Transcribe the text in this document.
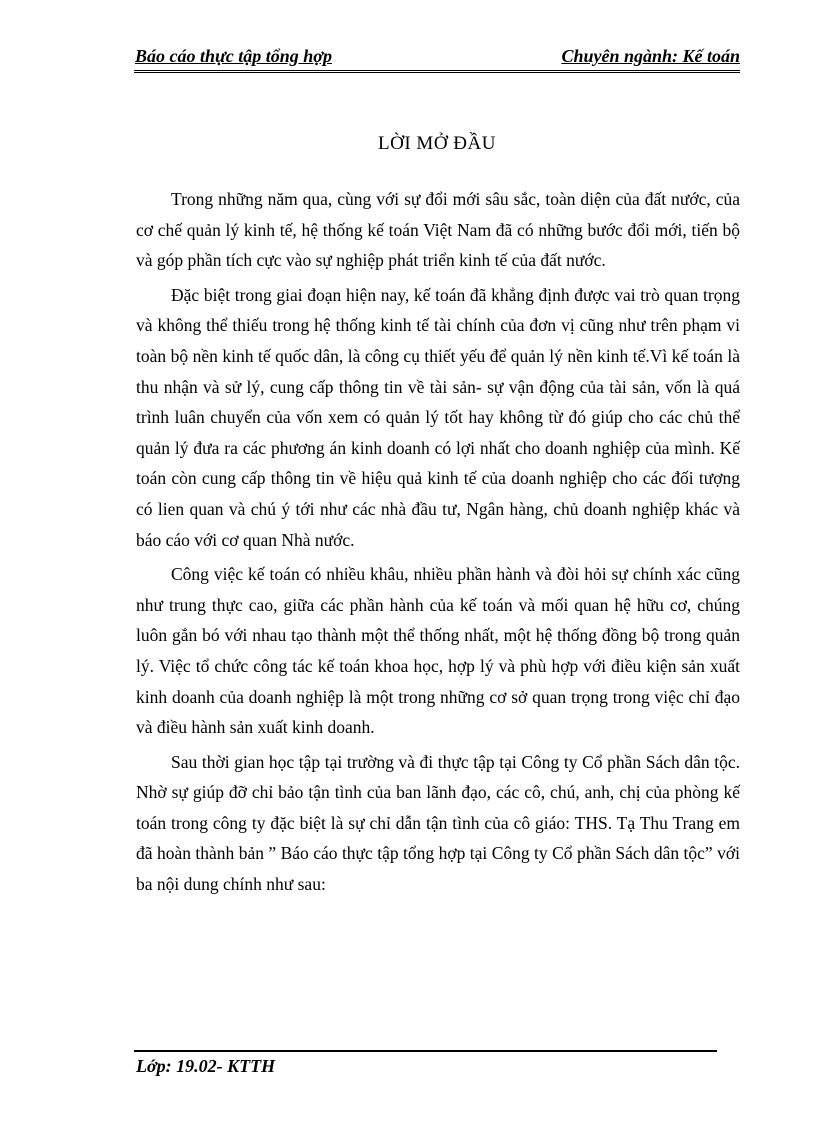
Báo cáo thực tập tổng hợp	Chuyên ngành: Kế toán
LỜI MỞ ĐẦU

Trong những năm qua, cùng với sự đổi mới sâu sắc, toàn diện của đất nước, của cơ chế quản lý kinh tế, hệ thống kế toán Việt Nam đã có những bước đổi mới, tiến bộ và góp phần tích cực vào sự nghiệp phát triển kinh tế của đất nước.

Đặc biệt trong giai đoạn hiện nay, kế toán đã khẳng định được vai trò quan trọng và không thể thiếu trong hệ thống kinh tế tài chính của đơn vị cũng như trên phạm vi toàn bộ nền kinh tế quốc dân, là công cụ thiết yếu để quản lý nền kinh tế.Vì kế toán là thu nhận và sử lý, cung cấp thông tin về tài sản- sự vận động của tài sản, vốn là quá trình luân chuyển của vốn xem có quản lý tốt hay không từ đó giúp cho các chủ thể quản lý đưa ra các phương án kinh doanh có lợi nhất cho doanh nghiệp của mình. Kế toán còn cung cấp thông tin về hiệu quả kinh tế của doanh nghiệp cho các đối tượng có lien quan và chú ý tới như các nhà đầu tư, Ngân hàng, chủ doanh nghiệp khác và báo cáo với cơ quan Nhà nước.

Công việc kế toán có nhiều khâu, nhiều phần hành và đòi hỏi sự chính xác cũng như trung thực cao, giữa các phần hành của kế toán và mối quan hệ hữu cơ, chúng luôn gắn bó với nhau tạo thành một thể thống nhất, một hệ thống đồng bộ trong quản lý. Việc tổ chức công tác kế toán khoa học, hợp lý và phù hợp với điều kiện sản xuất kinh doanh của doanh nghiệp là một trong những cơ sở quan trọng trong việc chỉ đạo và điều hành sản xuất kinh doanh.

Sau thời gian học tập tại trường và đi thực tập tại Công ty Cổ phần Sách dân tộc. Nhờ sự giúp đỡ chỉ bảo tận tình của ban lãnh đạo, các cô, chú, anh, chị của phòng kế toán trong công ty đặc biệt là sự chỉ dẫn tận tình của cô giáo: THS. Tạ Thu Trang em đã hoàn thành bản ” Báo cáo thực tập tổng hợp tại Công ty Cổ phần Sách dân tộc” với ba nội dung chính như sau:

Lớp: 19.02- KTTH
